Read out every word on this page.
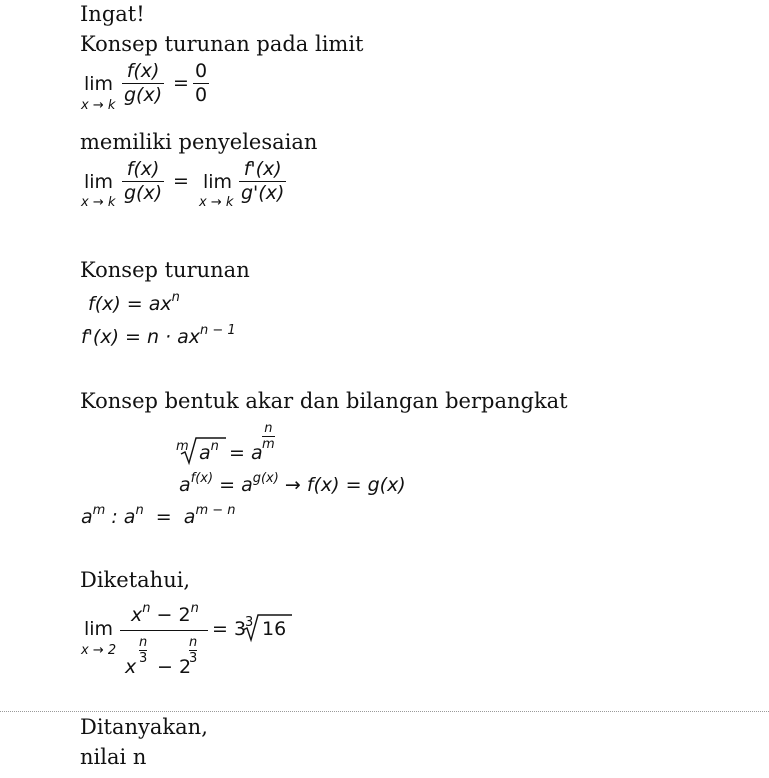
Ingat!
Konsep turunan pada limit
lim
x → k
f(x)
g(x)
=
0
0
memiliki penyelesaian
lim
x → k
f(x)
g(x)
= lim
x → k
f'(x)
g'(x)
Konsep turunan
$f(x) = ax^n$
$f'(x) = n \cdot ax^{n - 1}$
Konsep bentuk akar dan bilangan berpangkat
m $a^n = a$
n
m
$a^{f(x)} = a^{g(x)} \to f(x) = g(x)$
$a^m$ : $a^n = a^{m - n}$
Diketahui,
lim
x → 2
$x^n - 2^n$
x
n
3 − 2
n
3
= 3
3 16
Ditanyakan,
nilai n
